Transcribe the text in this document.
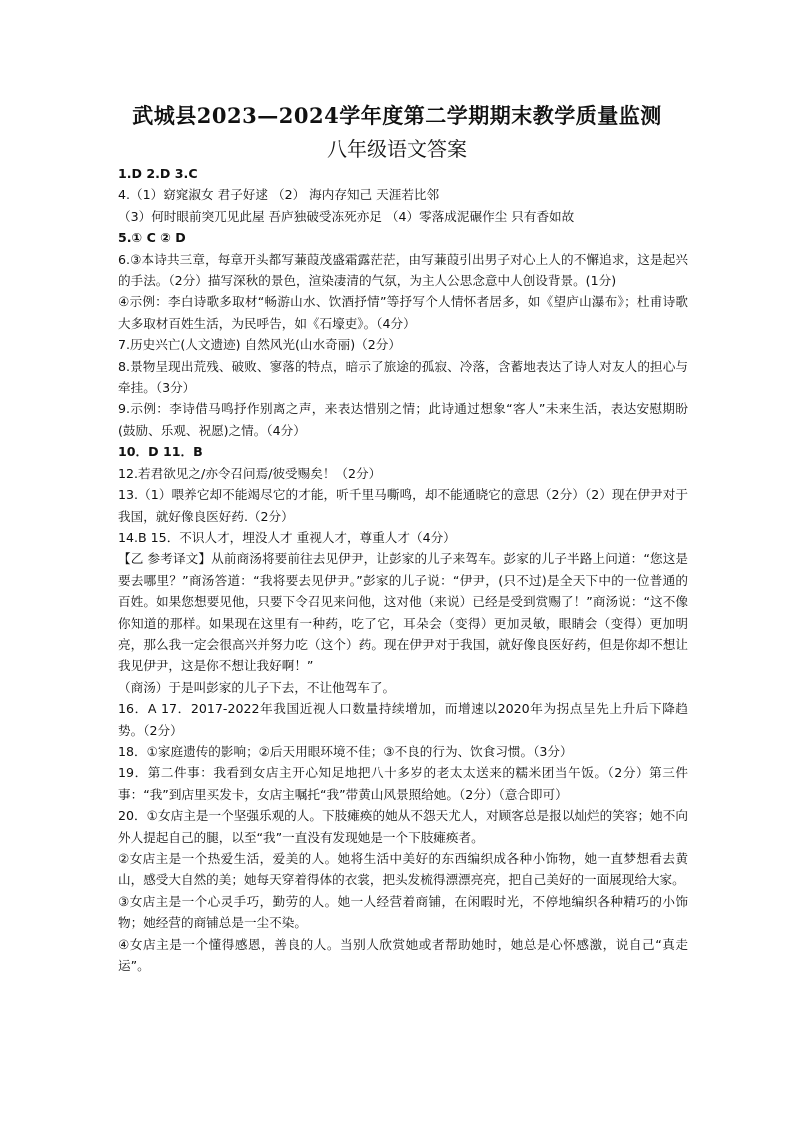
武城县2023—2024学年度第二学期期末教学质量监测
八年级语文答案

1.D 2.D 3.C

4.（1）窈窕淑女 君子好逑 （2） 海内存知己 天涯若比邻

（3）何时眼前突兀见此屋 吾庐独破受冻死亦足 （4）零落成泥碾作尘 只有香如故

5.① C ② D

6.③本诗共三章，每章开头都写蒹葭茂盛霜露茫茫，由写蒹葭引出男子对心上人的不懈追求，这是起兴的手法。（2分）描写深秋的景色，渲染凄清的气氛，为主人公思念意中人创设背景。(1分)

④示例：李白诗歌多取材“畅游山水、饮酒抒情”等抒写个人情怀者居多，如《望庐山瀑布》；杜甫诗歌大多取材百姓生活，为民呼告，如《石壕吏》。（4分）

7.历史兴亡(人文遗迹) 自然风光(山水奇丽)（2分）

8.景物呈现出荒残、破败、寥落的特点，暗示了旅途的孤寂、冷落，含蓄地表达了诗人对友人的担心与牵挂。（3分）

9.示例：李诗借马鸣抒作别离之声，来表达惜别之情；此诗通过想象“客人”未来生活，表达安慰期盼(鼓励、乐观、祝愿)之情。（4分）

10．D 11．B

12.若君欲见之/亦令召问焉/彼受赐矣！（2分）

13.（1）喂养它却不能竭尽它的才能，听千里马嘶鸣，却不能通晓它的意思（2分）（2）现在伊尹对于我国，就好像良医好药.（2分）

14.B 15．不识人才，埋没人才 重视人才，尊重人才（4分）

【乙 参考译文】从前商汤将要前往去见伊尹，让彭家的儿子来驾车。彭家的儿子半路上问道：“您这是要去哪里？”商汤答道：“我将要去见伊尹。”彭家的儿子说：“伊尹，(只不过)是全天下中的一位普通的百姓。如果您想要见他，只要下令召见来问他，这对他（来说）已经是受到赏赐了！”商汤说：“这不像你知道的那样。如果现在这里有一种药，吃了它，耳朵会（变得）更加灵敏，眼睛会（变得）更加明亮，那么我一定会很高兴并努力吃（这个）药。现在伊尹对于我国，就好像良医好药，但是你却不想让我见伊尹，这是你不想让我好啊！”

（商汤）于是叫彭家的儿子下去，不让他驾车了。

16．A 17．2017-2022年我国近视人口数量持续增加，而增速以2020年为拐点呈先上升后下降趋势。（2分）

18．①家庭遗传的影响；②后天用眼环境不佳；③不良的行为、饮食习惯。（3分）

19．第二件事：我看到女店主开心知足地把八十多岁的老太太送来的糯米团当午饭。（2分）第三件事：“我”到店里买发卡，女店主嘱托“我”带黄山风景照给她。（2分）（意合即可）

20．①女店主是一个坚强乐观的人。下肢瘫痪的她从不怨天尤人，对顾客总是报以灿烂的笑容；她不向外人提起自己的腿，以至“我”一直没有发现她是一个下肢瘫痪者。

②女店主是一个热爱生活，爱美的人。她将生活中美好的东西编织成各种小饰物，她一直梦想看去黄山，感受大自然的美；她每天穿着得体的衣裳，把头发梳得漂漂亮亮，把自己美好的一面展现给大家。

③女店主是一个心灵手巧，勤劳的人。她一人经营着商铺，在闲暇时光，不停地编织各种精巧的小饰物；她经营的商铺总是一尘不染。

④女店主是一个懂得感恩，善良的人。当别人欣赏她或者帮助她时，她总是心怀感激，说自己“真走运”。
